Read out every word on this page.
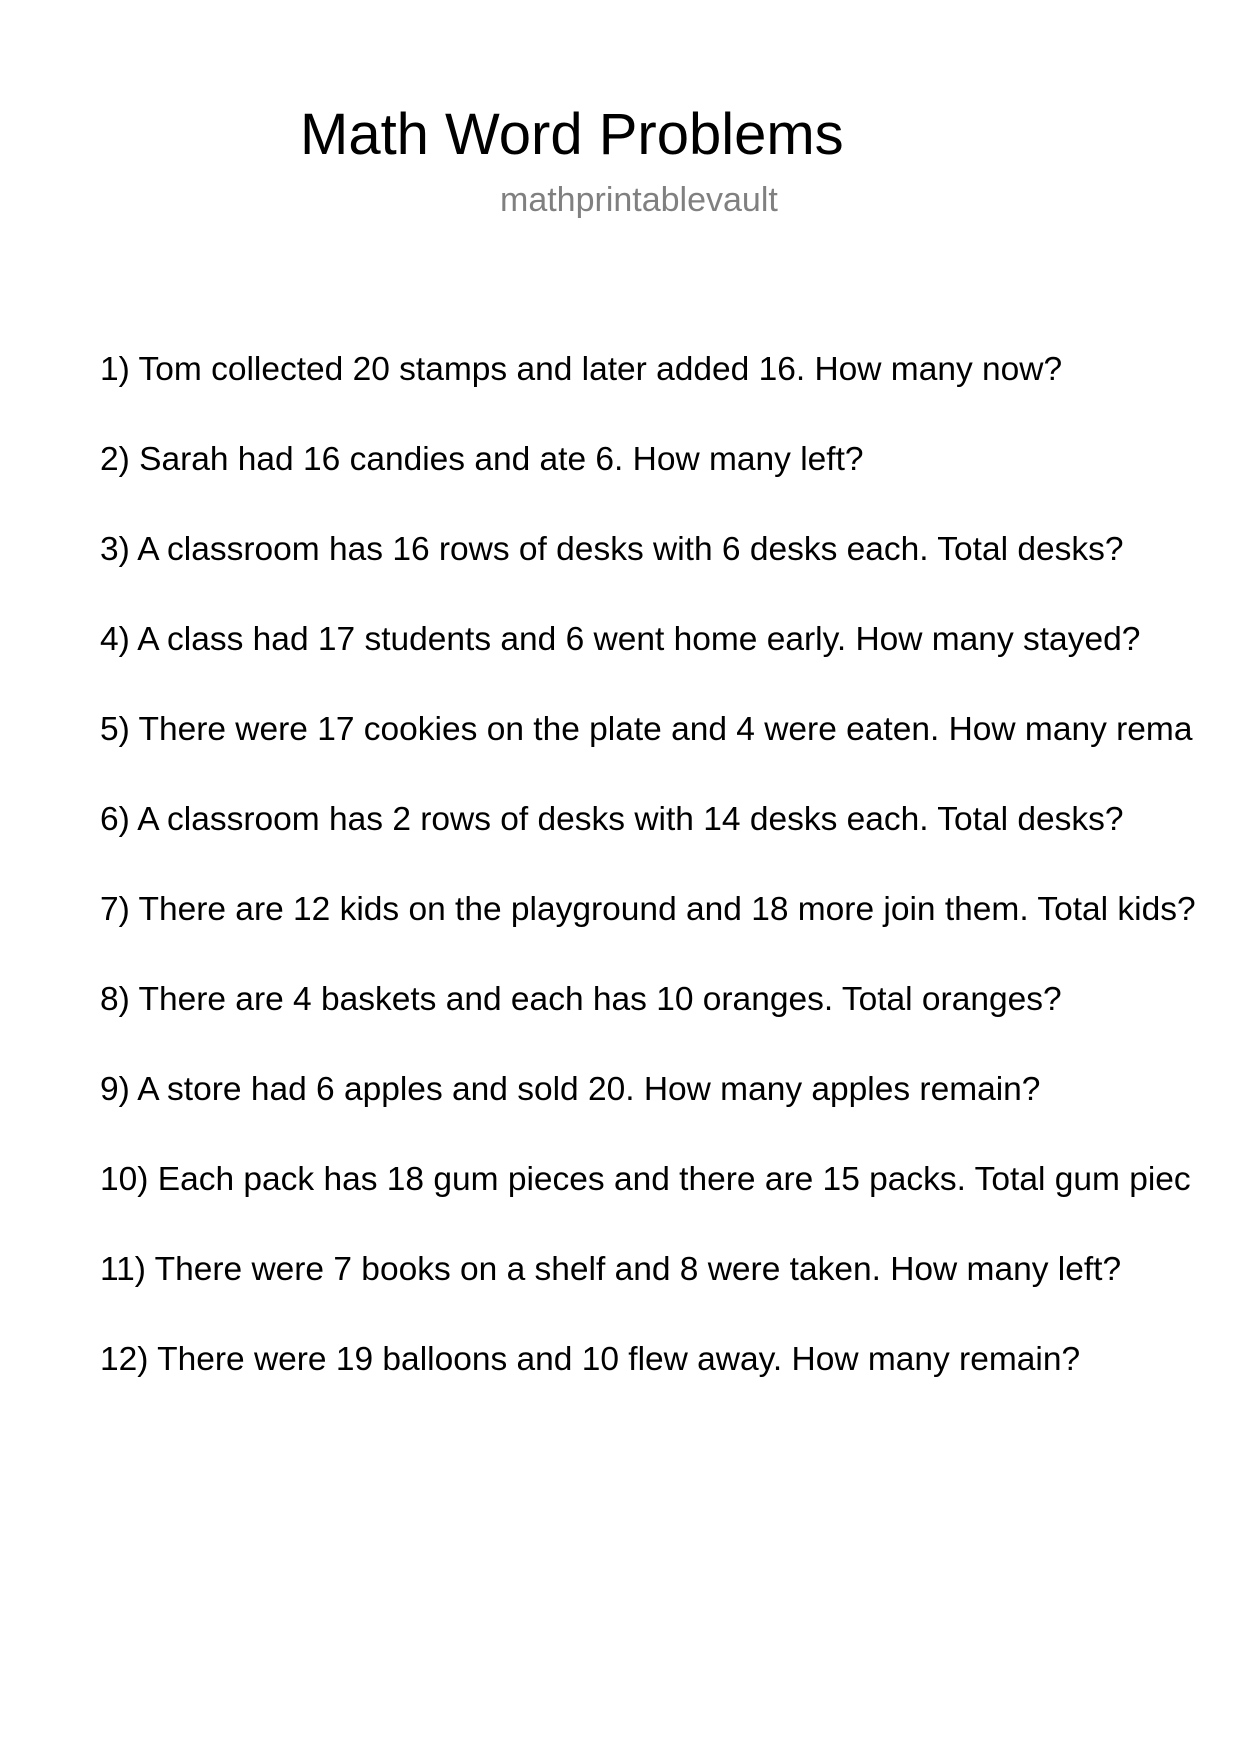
Math Word Problems
mathprintablevault
1) Tom collected 20 stamps and later added 16. How many now?
2) Sarah had 16 candies and ate 6. How many left?
3) A classroom has 16 rows of desks with 6 desks each. Total desks?
4) A class had 17 students and 6 went home early. How many stayed?
5) There were 17 cookies on the plate and 4 were eaten. How many rema
6) A classroom has 2 rows of desks with 14 desks each. Total desks?
7) There are 12 kids on the playground and 18 more join them. Total kids?
8) There are 4 baskets and each has 10 oranges. Total oranges?
9) A store had 6 apples and sold 20. How many apples remain?
10) Each pack has 18 gum pieces and there are 15 packs. Total gum piec
11) There were 7 books on a shelf and 8 were taken. How many left?
12) There were 19 balloons and 10 flew away. How many remain?
